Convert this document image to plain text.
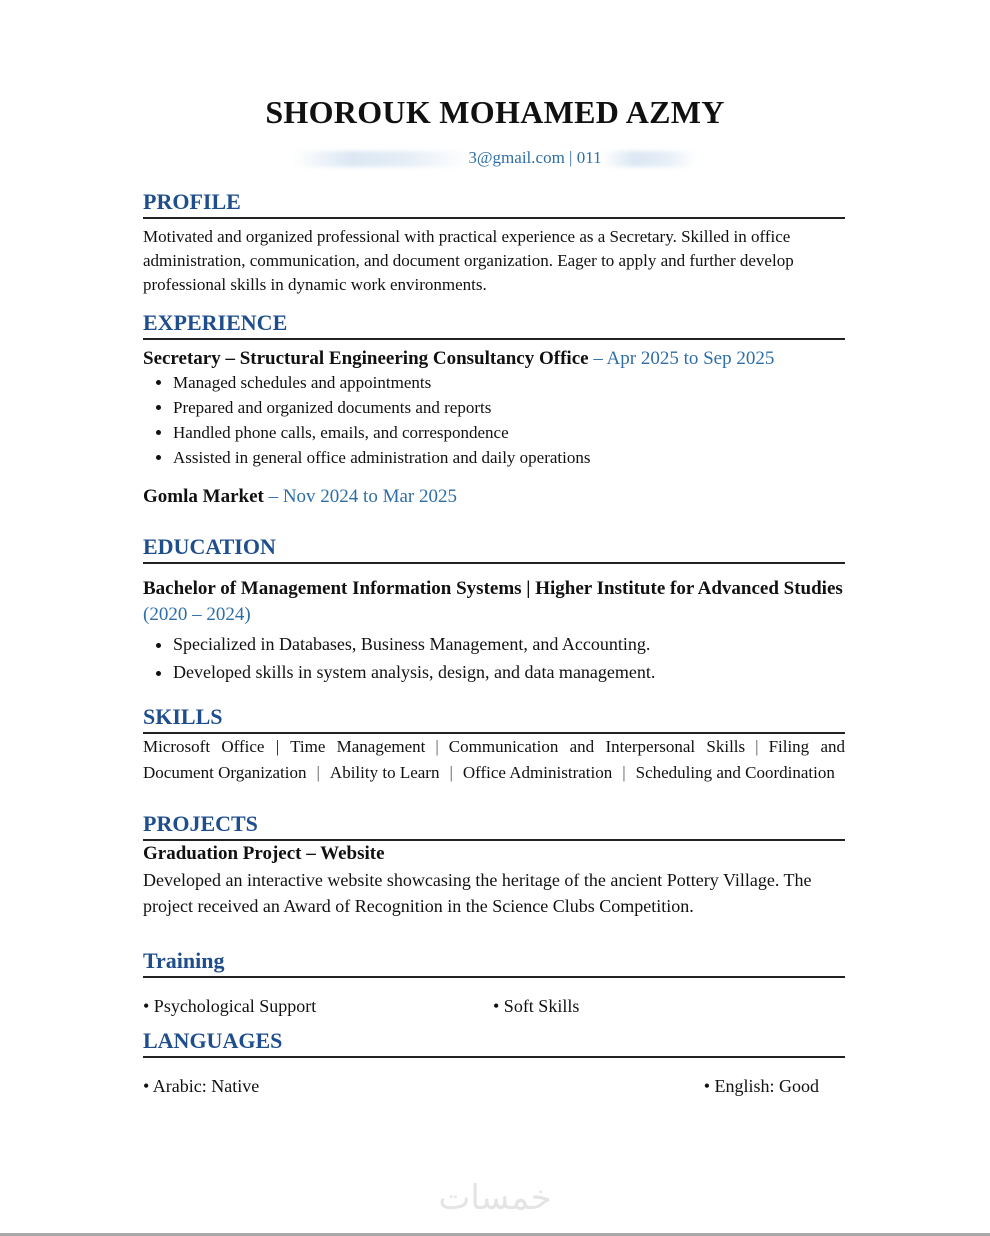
SHOROUK MOHAMED AZMY
3@gmail.com | 011
PROFILE
Motivated and organized professional with practical experience as a Secretary. Skilled in office administration, communication, and document organization. Eager to apply and further develop professional skills in dynamic work environments.
EXPERIENCE
Secretary – Structural Engineering Consultancy Office – Apr 2025 to Sep 2025
• Managed schedules and appointments
• Prepared and organized documents and reports
• Handled phone calls, emails, and correspondence
• Assisted in general office administration and daily operations
Gomla Market – Nov 2024 to Mar 2025
EDUCATION
Bachelor of Management Information Systems | Higher Institute for Advanced Studies (2020 – 2024)
• Specialized in Databases, Business Management, and Accounting.
• Developed skills in system analysis, design, and data management.
SKILLS
Microsoft Office | Time Management | Communication and Interpersonal Skills | Filing and Document Organization | Ability to Learn | Office Administration | Scheduling and Coordination
PROJECTS
Graduation Project – Website
Developed an interactive website showcasing the heritage of the ancient Pottery Village. The project received an Award of Recognition in the Science Clubs Competition.
Training
• Psychological Support	• Soft Skills
LANGUAGES
• Arabic: Native	• English: Good
خمسات
